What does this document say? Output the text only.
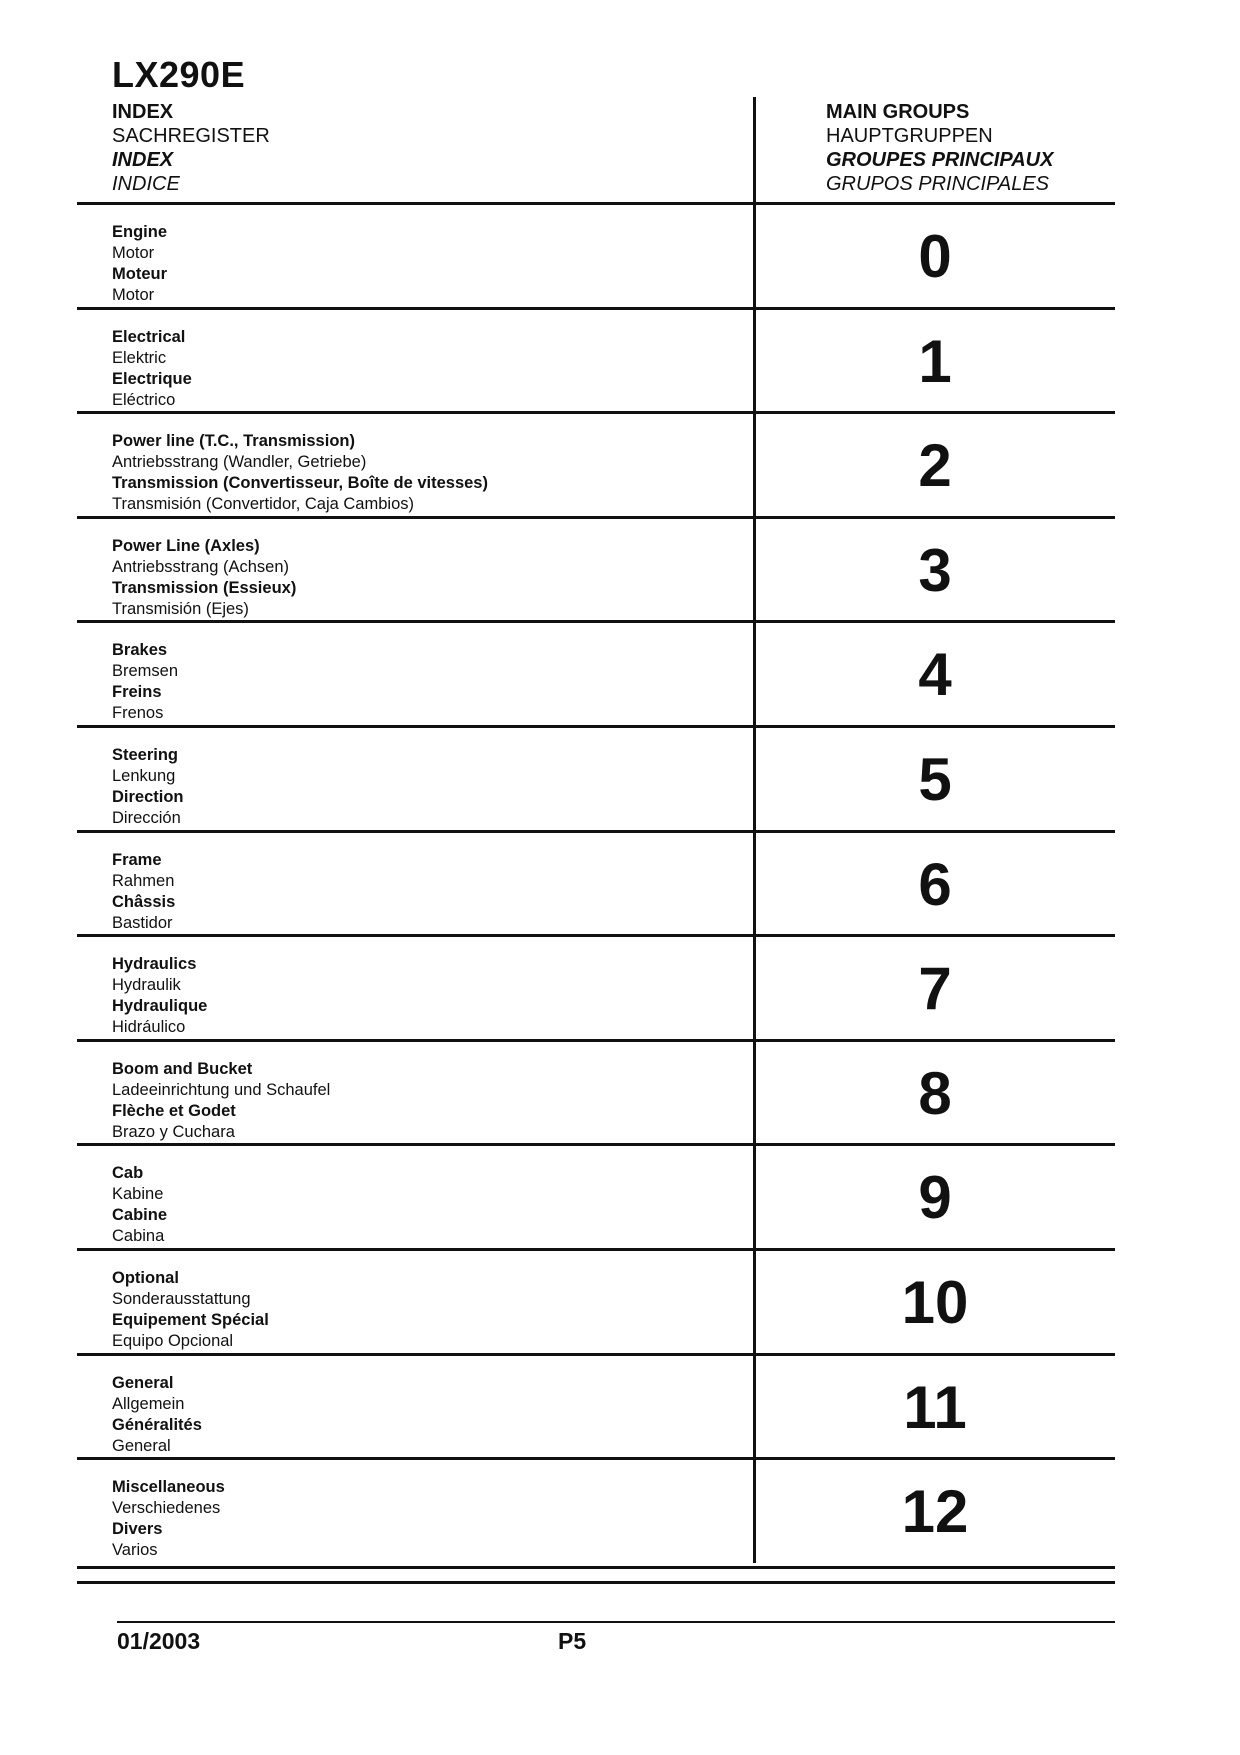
LX290E
INDEX
SACHREGISTER
INDEX
INDICE
MAIN GROUPS
HAUPTGRUPPEN
GROUPES PRINCIPAUX
GRUPOS PRINCIPALES
Engine
Motor
Moteur
Motor
0
Electrical
Elektric
Electrique
Eléctrico
1
Power line (T.C., Transmission)
Antriebsstrang (Wandler, Getriebe)
Transmission (Convertisseur, Boîte de vitesses)
Transmisión (Convertidor, Caja Cambios)
2
Power Line (Axles)
Antriebsstrang (Achsen)
Transmission (Essieux)
Transmisión (Ejes)
3
Brakes
Bremsen
Freins
Frenos
4
Steering
Lenkung
Direction
Dirección
5
Frame
Rahmen
Châssis
Bastidor
6
Hydraulics
Hydraulik
Hydraulique
Hidráulico
7
Boom and Bucket
Ladeeinrichtung und Schaufel
Flèche et Godet
Brazo y Cuchara
8
Cab
Kabine
Cabine
Cabina
9
Optional
Sonderausstattung
Equipement Spécial
Equipo Opcional
10
General
Allgemein
Généralités
General
11
Miscellaneous
Verschiedenes
Divers
Varios
12
01/2003	P5
